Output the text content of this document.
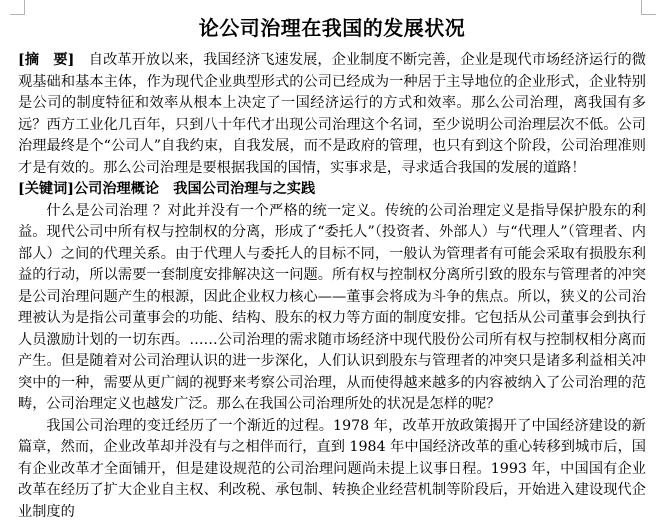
论公司治理在我国的发展状况

[摘　要]　自改革开放以来，我国经济飞速发展，企业制度不断完善，企业是现代市场经济运行的微观基础和基本主体，作为现代企业典型形式的公司已经成为一种居于主导地位的企业形式，企业特别是公司的制度特征和效率从根本上决定了一国经济运行的方式和效率。那么公司治理，离我国有多远？西方工业化几百年，只到八十年代才出现公司治理这个名词，至少说明公司治理层次不低。公司治理最终是个“公司人”自我约束，自我发展，而不是政府的管理，也只有到这个阶段，公司治理准则才是有效的。那么公司治理是要根据我国的国情，实事求是，寻求适合我国的发展的道路！

[关键词]公司治理概论　我国公司治理与之实践

什么是公司治理 ？对此并没有一个严格的统一定义。传统的公司治理定义是指导保护股东的利益。现代公司中所有权与控制权的分离，形成了“委托人”（投资者、外部人）与“代理人”（管理者、内部人）之间的代理关系。由于代理人与委托人的目标不同，一般认为管理者有可能会采取有损股东利益的行动，所以需要一套制度安排解决这一问题。所有权与控制权分离所引致的股东与管理者的冲突是公司治理问题产生的根源，因此企业权力核心——董事会将成为斗争的焦点。所以，狭义的公司治理被认为是指公司董事会的功能、结构、股东的权力等方面的制度安排。它包括从公司董事会到执行人员激励计划的一切东西。……公司治理的需求随市场经济中现代股份公司所有权与控制权相分离而产生。但是随着对公司治理认识的进一步深化，人们认识到股东与管理者的冲突只是诸多利益相关冲突中的一种，需要从更广阔的视野来考察公司治理，从而使得越来越多的内容被纳入了公司治理的范畴，公司治理定义也越发广泛。那么在我国公司治理所处的状况是怎样的呢？

我国公司治理的变迁经历了一个渐近的过程。1978 年，改革开放政策揭开了中国经济建设的新篇章，然而，企业改革却并没有与之相伴而行，直到 1984 年中国经济改革的重心转移到城市后，国有企业改革才全面铺开，但是建设规范的公司治理问题尚未提上议事日程。1993 年，中国国有企业改革在经历了扩大企业自主权、利改税、承包制、转换企业经营机制等阶段后，开始进入建设现代企业制度的
